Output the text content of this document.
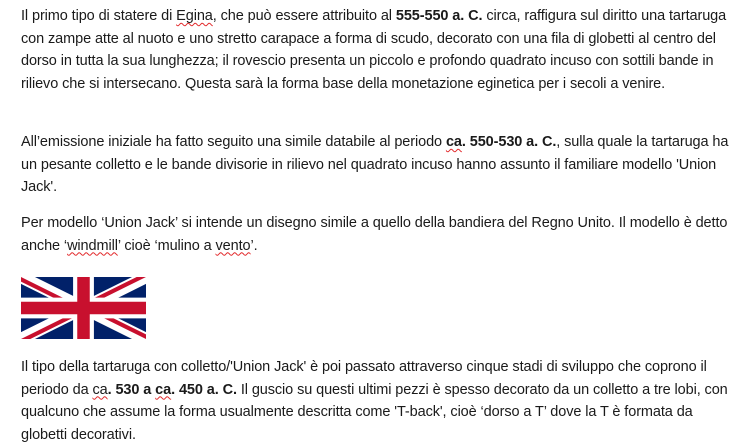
Il primo tipo di statere di Egina, che può essere attribuito al 555-550 a. C. circa, raffigura sul diritto una tartaruga con zampe atte al nuoto e uno stretto carapace a forma di scudo, decorato con una fila di globetti al centro del dorso in tutta la sua lunghezza; il rovescio presenta un piccolo e profondo quadrato incuso con sottili bande in rilievo che si intersecano. Questa sarà la forma base della monetazione eginetica per i secoli a venire.

All’emissione iniziale ha fatto seguito una simile databile al periodo ca. 550-530 a. C., sulla quale la tartaruga ha un pesante colletto e le bande divisorie in rilievo nel quadrato incuso hanno assunto il familiare modello 'Union Jack'.

Per modello ‘Union Jack’ si intende un disegno simile a quello della bandiera del Regno Unito. Il modello è detto anche ‘windmill’ cioè ‘mulino a vento’.

Il tipo della tartaruga con colletto/'Union Jack' è poi passato attraverso cinque stadi di sviluppo che coprono il periodo da ca. 530 a ca. 450 a. C. Il guscio su questi ultimi pezzi è spesso decorato da un colletto a tre lobi, con qualcuno che assume la forma usualmente descritta come 'T-back', cioè ‘dorso a T’ dove la T è formata da globetti decorativi.
